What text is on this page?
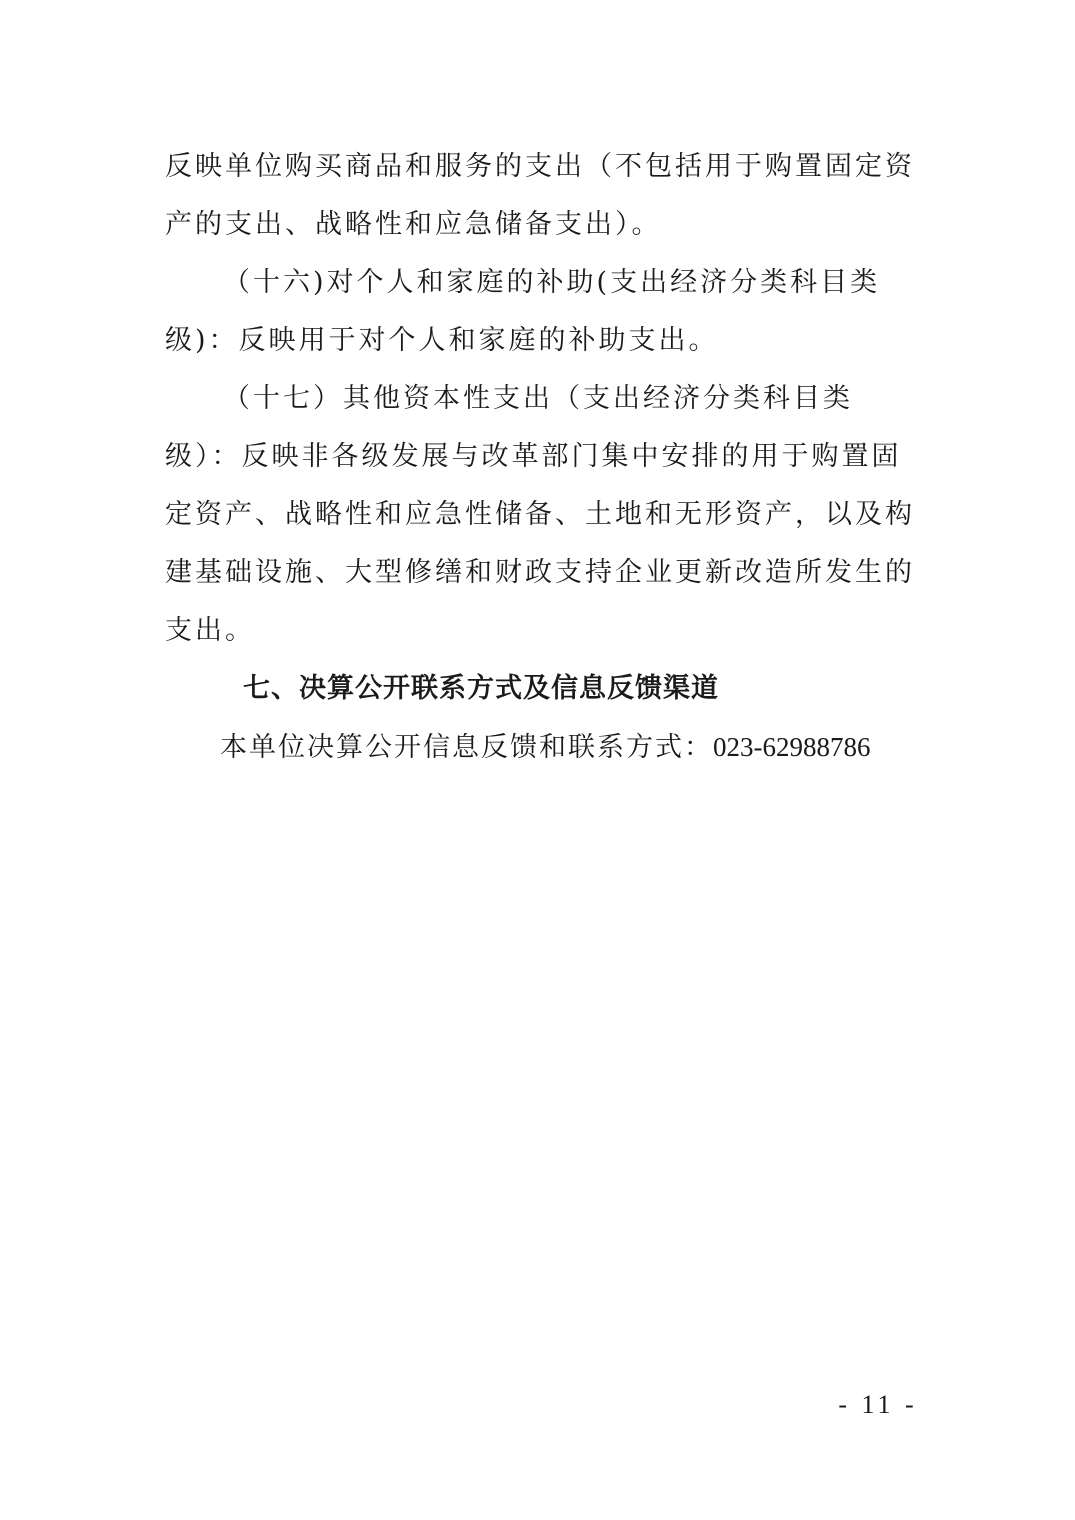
反映单位购买商品和服务的支出（不包括用于购置固定资产的支出、战略性和应急储备支出）。

（十六)对个人和家庭的补助(支出经济分类科目类级)：反映用于对个人和家庭的补助支出。

（十七）其他资本性支出（支出经济分类科目类级）：反映非各级发展与改革部门集中安排的用于购置固定资产、战略性和应急性储备、土地和无形资产，以及构建基础设施、大型修缮和财政支持企业更新改造所发生的支出。

七、决算公开联系方式及信息反馈渠道

本单位决算公开信息反馈和联系方式：023-62988786

- 11 -
